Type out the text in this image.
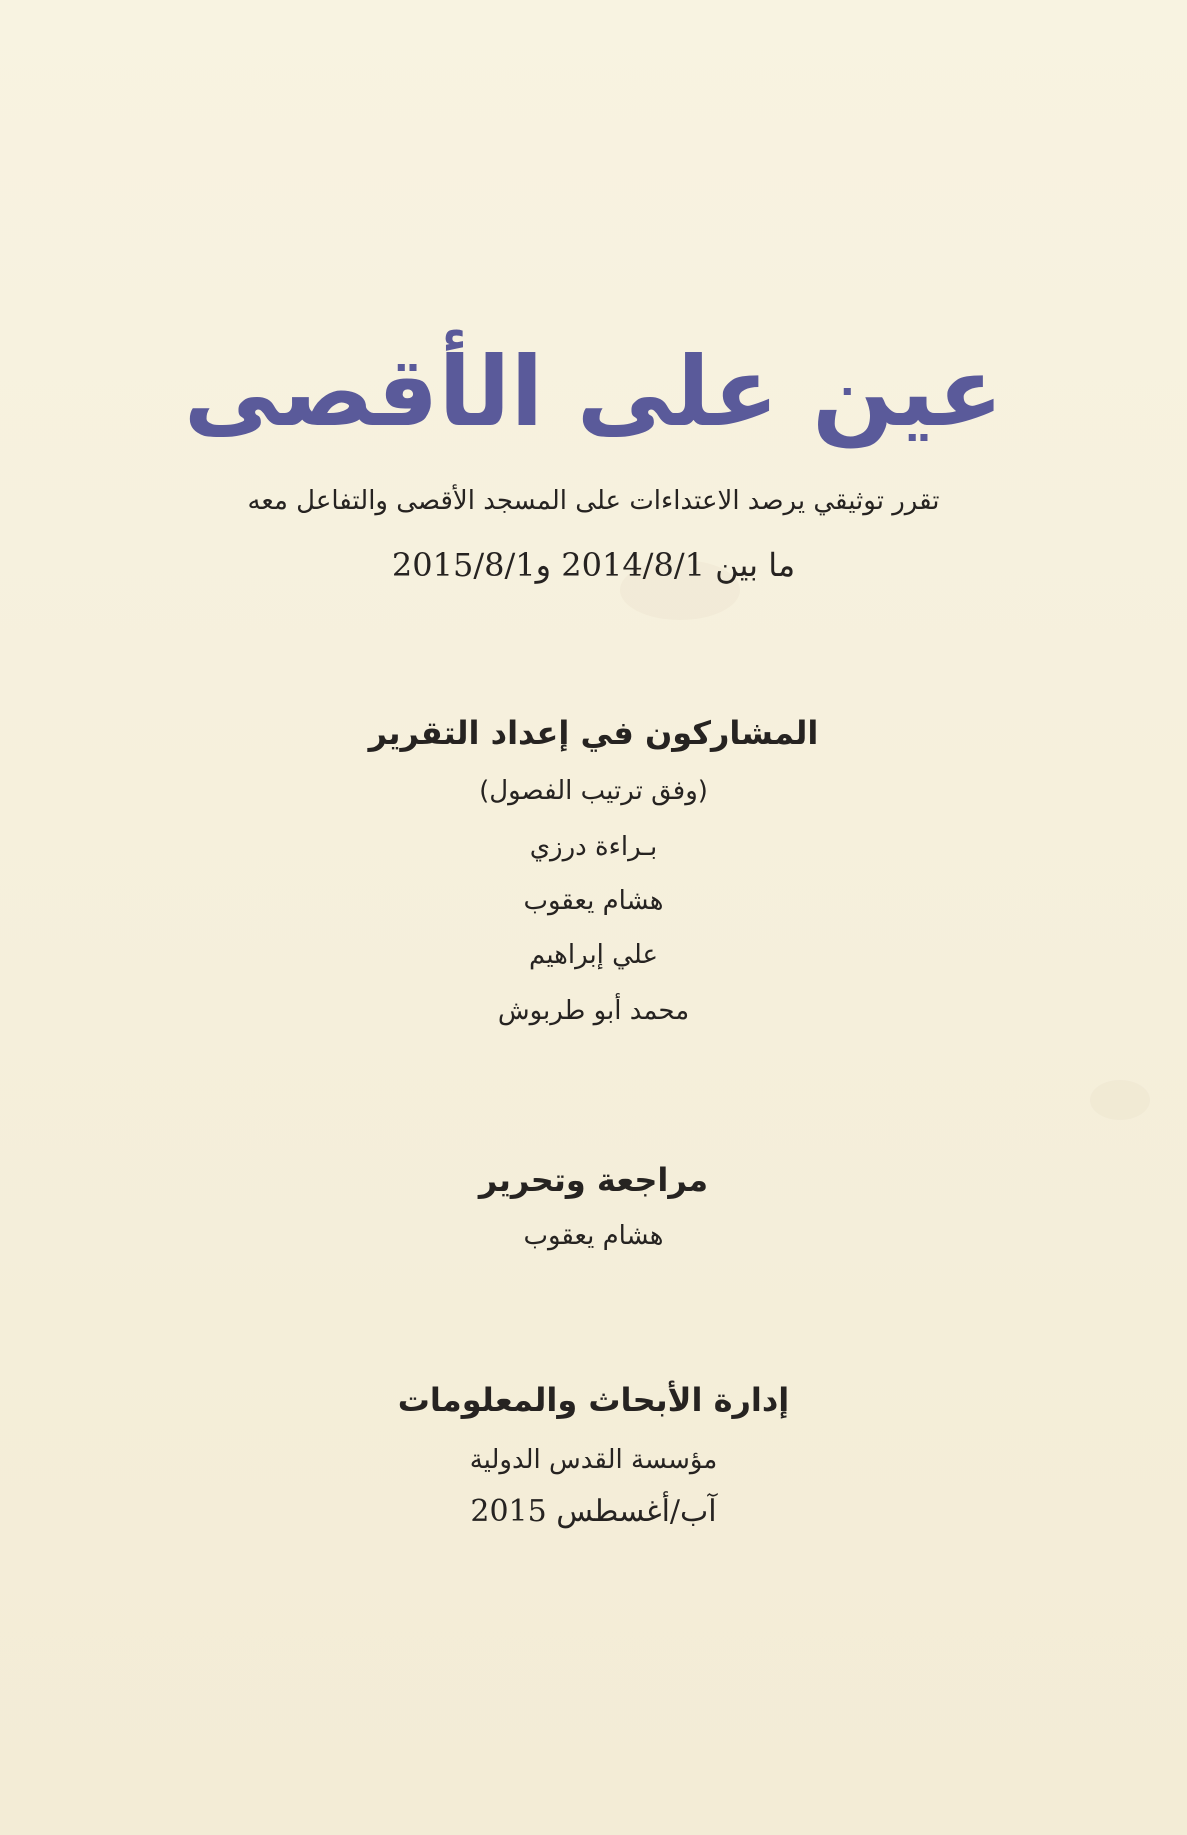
عين على الأقصى
تقرر توثيقي يرصد الاعتداءات على المسجد الأقصى والتفاعل معه
ما بين 2014/8/1 و2015/8/1
المشاركون في إعداد التقرير
(وفق ترتيب الفصول)
بـراءة درزي
هشام يعقوب
علي إبراهيم
محمد أبو طربوش
مراجعة وتحرير
هشام يعقوب
إدارة الأبحاث والمعلومات
مؤسسة القدس الدولية
آب/أغسطس 2015
